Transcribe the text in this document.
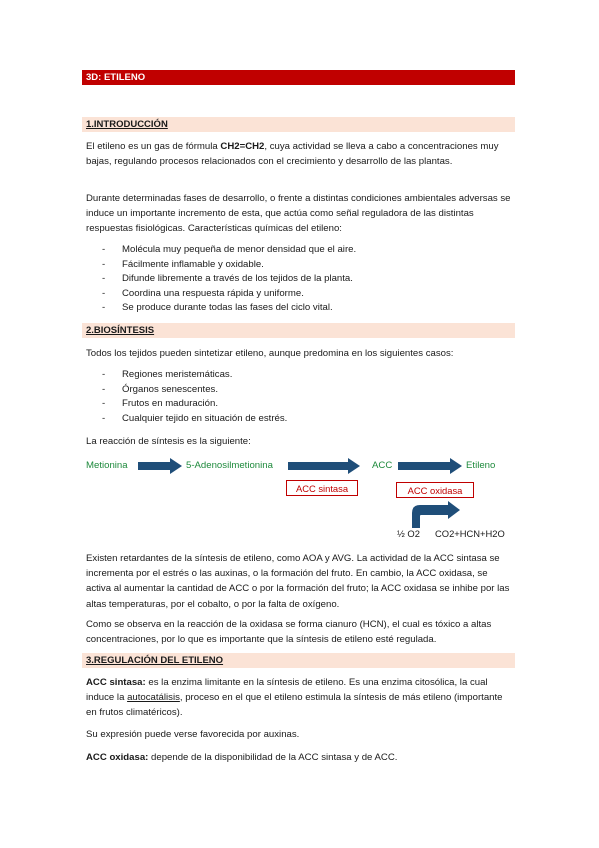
3D: ETILENO
1.INTRODUCCIÓN

El etileno es un gas de fórmula CH2=CH2, cuya actividad se lleva a cabo a concentraciones muy bajas, regulando procesos relacionados con el crecimiento y desarrollo de las plantas.

Durante determinadas fases de desarrollo, o frente a distintas condiciones ambientales adversas se induce un importante incremento de esta, que actúa como señal reguladora de las distintas respuestas fisiológicas. Características químicas del etileno:

- Molécula muy pequeña de menor densidad que el aire.
- Fácilmente inflamable y oxidable.
- Difunde libremente a través de los tejidos de la planta.
- Coordina una respuesta rápida y uniforme.
- Se produce durante todas las fases del ciclo vital.
2.BIOSÍNTESIS

Todos los tejidos pueden sintetizar etileno, aunque predomina en los siguientes casos:

- Regiones meristemáticas.
- Órganos senescentes.
- Frutos en maduración.
- Cualquier tejido en situación de estrés.

La reacción de síntesis es la siguiente:

Metionina	5-Adenosilmetionina	ACC	Etileno
ACC sintasa	ACC oxidasa
½ O2 CO2+HCN+H2O

Existen retardantes de la síntesis de etileno, como AOA y AVG. La actividad de la ACC sintasa se incrementa por el estrés o las auxinas, o la formación del fruto. En cambio, la ACC oxidasa, se activa al aumentar la cantidad de ACC o por la formación del fruto; la ACC oxidasa se inhibe por las altas temperaturas, por el cobalto, o por la falta de oxígeno.

Como se observa en la reacción de la oxidasa se forma cianuro (HCN), el cual es tóxico a altas concentraciones, por lo que es importante que la síntesis de etileno esté regulada.

3.REGULACIÓN DEL ETILENO

ACC sintasa: es la enzima limitante en la síntesis de etileno. Es una enzima citosólica, la cual induce la autocatálisis, proceso en el que el etileno estimula la síntesis de más etileno (importante en frutos climatéricos).

Su expresión puede verse favorecida por auxinas.

ACC oxidasa: depende de la disponibilidad de la ACC sintasa y de ACC.
